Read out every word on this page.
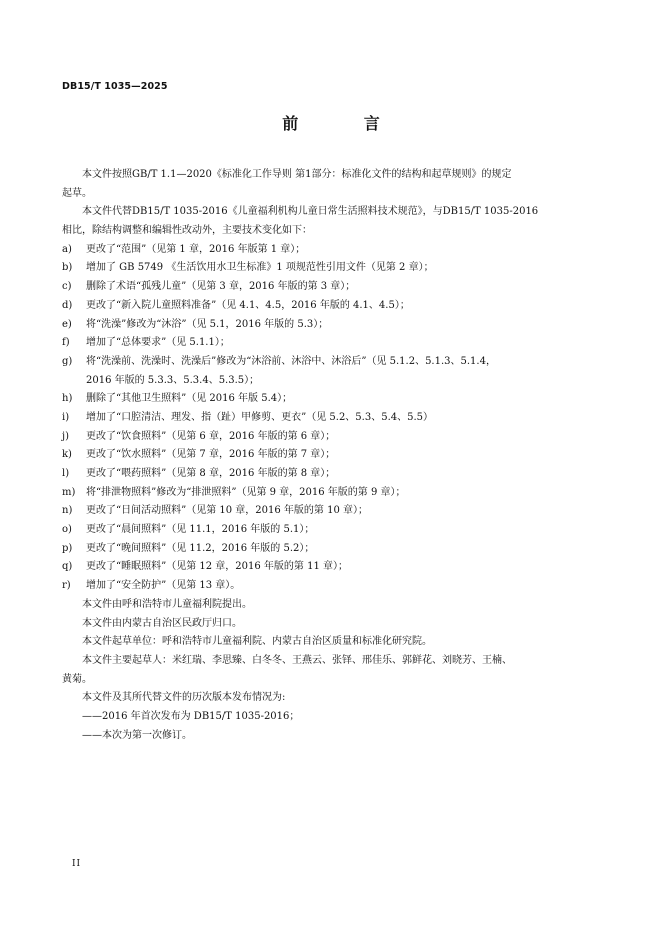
DB15/T 1035—2025
前 言
本文件按照GB/T 1.1—2020《标准化工作导则 第1部分：标准化文件的结构和起草规则》的规定
起草。
本文件代替DB15/T 1035-2016《儿童福利机构儿童日常生活照料技术规范》，与DB15/T 1035-2016
相比，除结构调整和编辑性改动外，主要技术变化如下：
a)	更改了“范围”（见第 1 章，2016 年版第 1 章）；
b)	增加了 GB 5749 《生活饮用水卫生标准》1 项规范性引用文件（见第 2 章）；
c)	删除了术语“孤残儿童”（见第 3 章，2016 年版的第 3 章）；
d)	更改了“新入院儿童照料准备”（见 4.1、4.5，2016 年版的 4.1、4.5）；
e)	将“洗澡”修改为“沐浴”（见 5.1，2016 年版的 5.3）；
f)	增加了“总体要求”（见 5.1.1）；
g)	将“洗澡前、洗澡时、洗澡后”修改为“沐浴前、沐浴中、沐浴后”（见 5.1.2、5.1.3、5.1.4，
2016 年版的 5.3.3、5.3.4、5.3.5）；
h)	删除了“其他卫生照料”（见 2016 年版 5.4）；
i)	增加了“口腔清洁、理发、指（趾）甲修剪、更衣”（见 5.2、5.3、5.4、5.5）
j)	更改了“饮食照料”（见第 6 章，2016 年版的第 6 章）；
k)	更改了“饮水照料”（见第 7 章，2016 年版的第 7 章）；
l)	更改了“喂药照料”（见第 8 章，2016 年版的第 8 章）；
m)	将“排泄物照料”修改为“排泄照料”（见第 9 章，2016 年版的第 9 章）；
n)	更改了“日间活动照料”（见第 10 章，2016 年版的第 10 章）；
o)	更改了“晨间照料”（见 11.1，2016 年版的 5.1）；
p)	更改了“晚间照料”（见 11.2，2016 年版的 5.2）；
q)	更改了“睡眠照料”（见第 12 章，2016 年版的第 11 章）；
r)	增加了“安全防护”（见第 13 章）。
本文件由呼和浩特市儿童福利院提出。
本文件由内蒙古自治区民政厅归口。
本文件起草单位：呼和浩特市儿童福利院、内蒙古自治区质量和标准化研究院。
本文件主要起草人：米红瑞、李思臻、白冬冬、王燕云、张铎、邢佳乐、郭鲜花、刘晓芳、王楠、
黄菊。
本文件及其所代替文件的历次版本发布情况为:
——2016 年首次发布为 DB15/T 1035-2016；
——本次为第一次修订。
II
